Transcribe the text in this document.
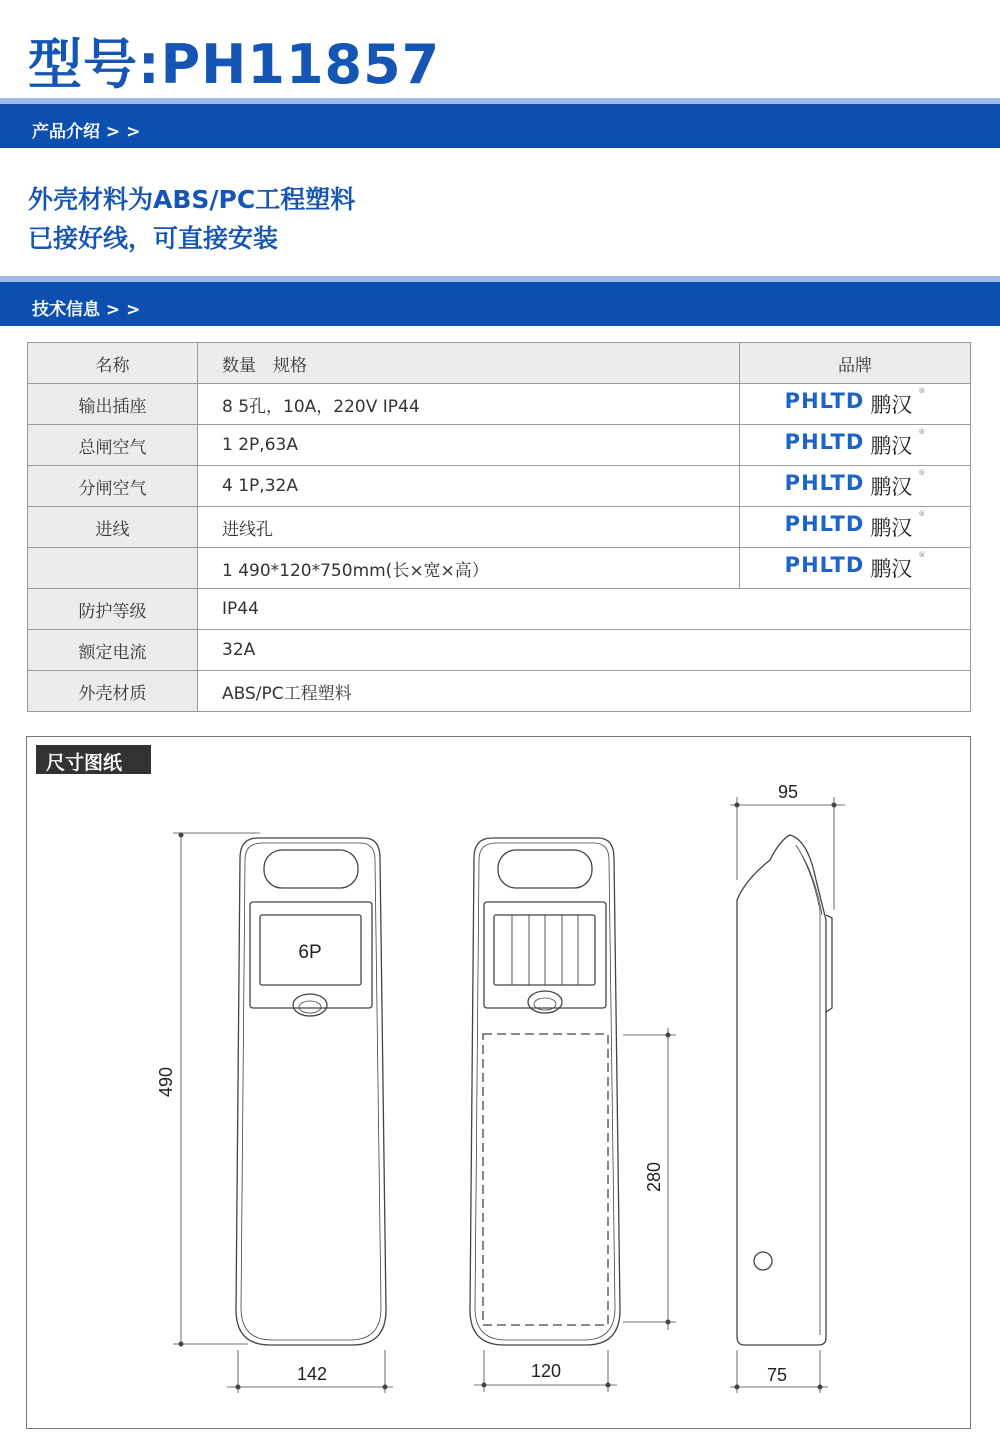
型号:PH11857
产品介绍 > >
外壳材料为ABS/PC工程塑料
已接好线，可直接安装
技术信息 > >
名称	数量　规格	品牌
输出插座	8 5孔，10A，220V IP44	PHLTD 鹏汉
®

总闸空气	1 2P,63A	PHLTD 鹏汉
®

分闸空气	4 1P,32A	PHLTD 鹏汉
®

进线	进线孔	PHLTD 鹏汉
®

	1 490*120*750mm(长×宽×高）	PHLTD 鹏汉
®

防护等级	IP44	
额定电流	32A	
外壳材质	ABS/PC工程塑料	
尺寸图纸
6P
490
142	120
280
95
75
